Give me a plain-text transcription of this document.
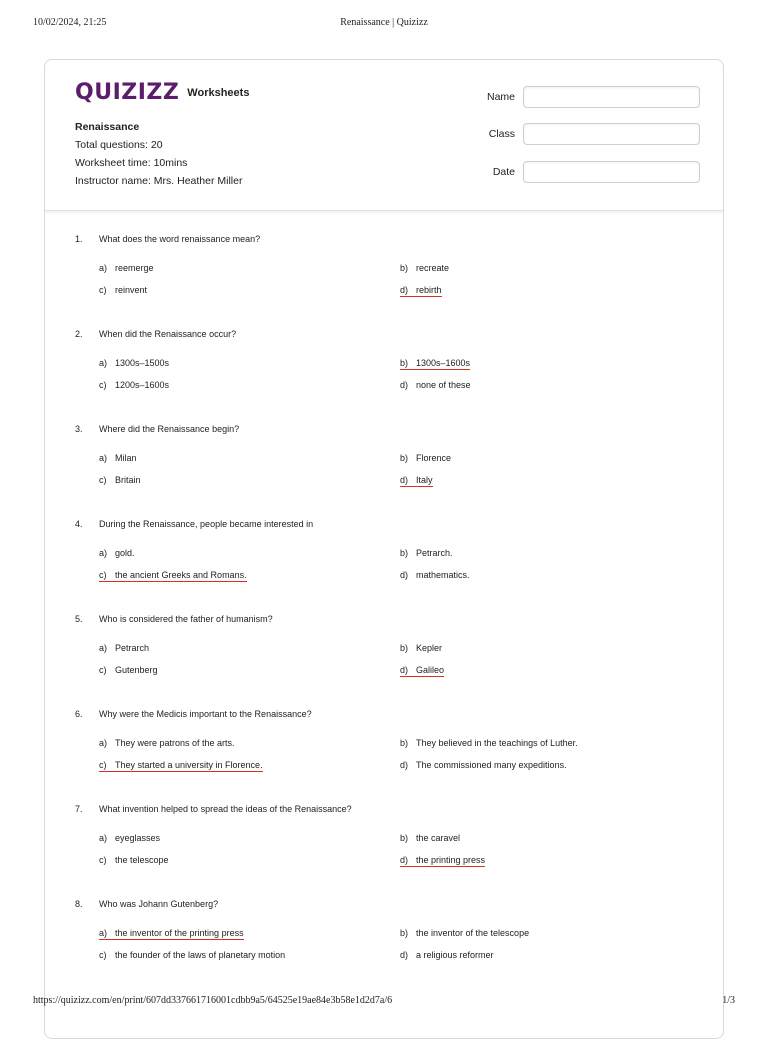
10/02/2024, 21:25	Renaissance | Quizizz
QUIZIZZ Worksheets
Renaissance
Total questions: 20
Worksheet time: 10mins
Instructor name: Mrs. Heather Miller
Name
Class
Date
1. What does the word renaissance mean?
a) reemerge	b) recreate
c) reinvent	d) rebirth
2. When did the Renaissance occur?
a) 1300s–1500s	b) 1300s–1600s
c) 1200s–1600s	d) none of these
3. Where did the Renaissance begin?
a) Milan	b) Florence
c) Britain	d) Italy
4. During the Renaissance, people became interested in
a) gold.	b) Petrarch.
c) the ancient Greeks and Romans.	d) mathematics.
5. Who is considered the father of humanism?
a) Petrarch	b) Kepler
c) Gutenberg	d) Galileo
6. Why were the Medicis important to the Renaissance?
a) They were patrons of the arts.	b) They believed in the teachings of Luther.
c) They started a university in Florence.	d) The commissioned many expeditions.
7. What invention helped to spread the ideas of the Renaissance?
a) eyeglasses	b) the caravel
c) the telescope	d) the printing press
8. Who was Johann Gutenberg?
a) the inventor of the printing press	b) the inventor of the telescope
c) the founder of the laws of planetary motion	d) a religious reformer
https://quizizz.com/en/print/607dd337661716001cdbb9a5/64525e19ae84e3b58e1d2d7a/6	1/3
